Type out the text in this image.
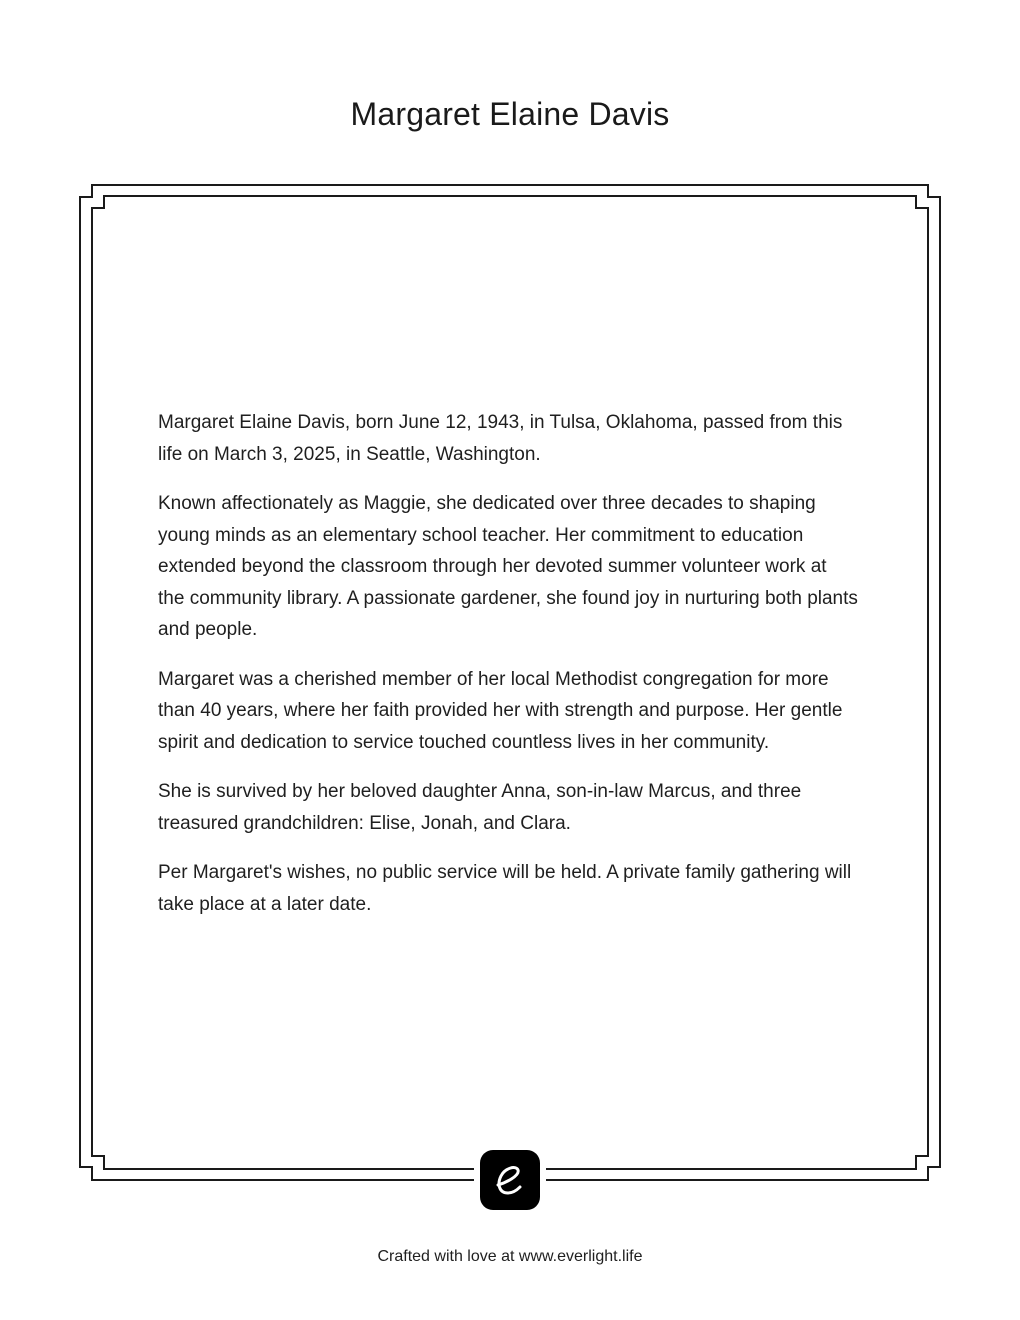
Margaret Elaine Davis

Margaret Elaine Davis, born June 12, 1943, in Tulsa, Oklahoma, passed from this life on March 3, 2025, in Seattle, Washington.

Known affectionately as Maggie, she dedicated over three decades to shaping young minds as an elementary school teacher. Her commitment to education extended beyond the classroom through her devoted summer volunteer work at the community library. A passionate gardener, she found joy in nurturing both plants and people.

Margaret was a cherished member of her local Methodist congregation for more than 40 years, where her faith provided her with strength and purpose. Her gentle spirit and dedication to service touched countless lives in her community.

She is survived by her beloved daughter Anna, son-in-law Marcus, and three treasured grandchildren: Elise, Jonah, and Clara.

Per Margaret's wishes, no public service will be held. A private family gathering will take place at a later date.

Crafted with love at www.everlight.life
